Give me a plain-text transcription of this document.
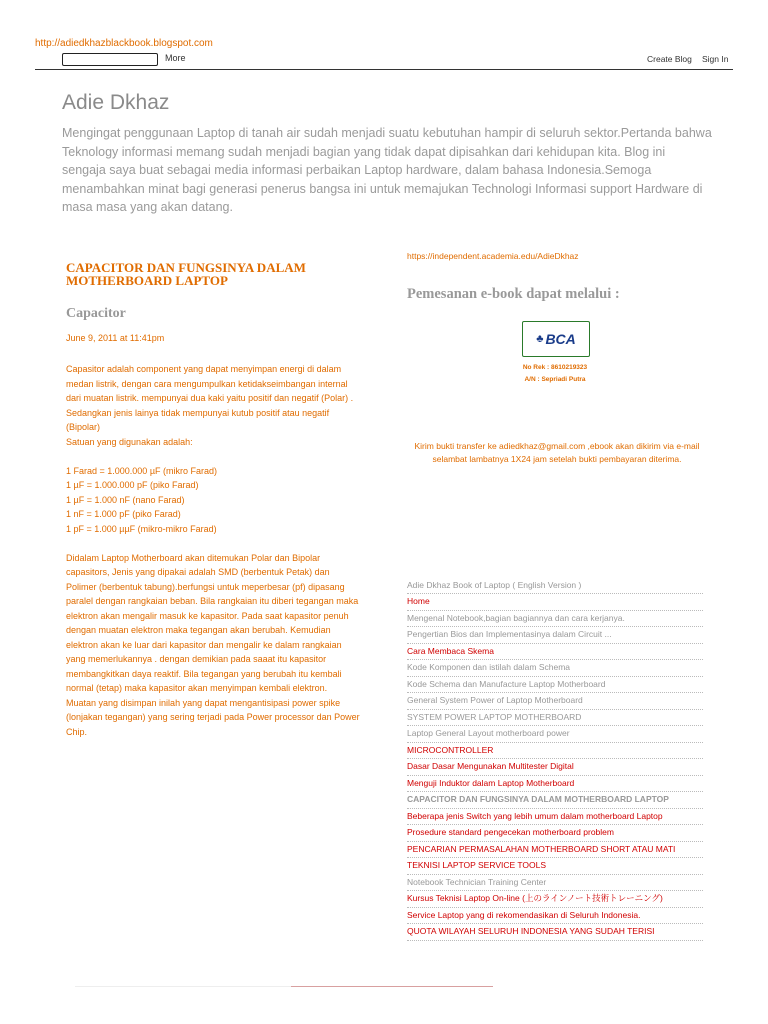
http://adiedkhazblackbook.blogspot.com
More	Create Blog Sign In
Adie Dkhaz

Mengingat penggunaan Laptop di tanah air sudah menjadi suatu kebutuhan hampir di seluruh sektor.Pertanda bahwa Teknology informasi memang sudah menjadi bagian yang tidak dapat dipisahkan dari kehidupan kita. Blog ini sengaja saya buat sebagai media informasi perbaikan Laptop hardware, dalam bahasa Indonesia.Semoga menambahkan minat bagi generasi penerus bangsa ini untuk memajukan Technologi Informasi support Hardware di masa masa yang akan datang.

CAPACITOR DAN FUNGSINYA DALAM MOTHERBOARD LAPTOP
Capacitor
June 9, 2011 at 11:41pm

Capasitor adalah component yang dapat menyimpan energi di dalam medan listrik, dengan cara mengumpulkan ketidakseimbangan internal dari muatan listrik. mempunyai dua kaki yaitu positif dan negatif (Polar) .
Sedangkan jenis lainya tidak mempunyai kutub positif atau negatif (Bipolar)
Satuan yang digunakan adalah:

1 Farad = 1.000.000 µF (mikro Farad)
1 µF = 1.000.000 pF (piko Farad)
1 µF = 1.000 nF (nano Farad)
1 nF = 1.000 pF (piko Farad)
1 pF = 1.000 µµF (mikro-mikro Farad)

Didalam Laptop Motherboard akan ditemukan Polar dan Bipolar capasitors, Jenis yang dipakai adalah SMD (berbentuk Petak) dan Polimer (berbentuk tabung).berfungsi untuk meperbesar (pf) dipasang paralel dengan rangkaian beban. Bila rangkaian itu diberi tegangan maka elektron akan mengalir masuk ke kapasitor. Pada saat kapasitor penuh dengan muatan elektron maka tegangan akan berubah. Kemudian elektron akan ke luar dari kapasitor dan mengalir ke dalam rangkaian yang memerlukannya . dengan demikian pada saaat itu kapasitor membangkitkan daya reaktif. Bila tegangan yang berubah itu kembali normal (tetap) maka kapasitor akan menyimpan kembali elektron.
Muatan yang disimpan inilah yang dapat mengantisipasi power spike (lonjakan tegangan) yang sering terjadi pada Power processor dan Power Chip.

https://independent.academia.edu/AdieDkhaz
Pemesanan e-book dapat melalui :
♣ BCA
No Rek : 8610219323
A/N : Sepriadi Putra
Kirim bukti transfer ke adiedkhaz@gmail.com ,ebook akan dikirim via e-mail selambat lambatnya 1X24 jam setelah bukti pembayaran diterima.
Adie Dkhaz Book of Laptop ( English Version )
Home
Mengenal Notebook,bagian bagiannya dan cara kerjanya.
Pengertian Bios dan Implementasinya dalam Circuit ...
Cara Membaca Skema
Kode Komponen dan istilah dalam Schema
Kode Schema dan Manufacture Laptop Motherboard
General System Power of Laptop Motherboard
SYSTEM POWER LAPTOP MOTHERBOARD
Laptop General Layout motherboard power
MICROCONTROLLER
Dasar Dasar Mengunakan Multitester Digital
Menguji Induktor dalam Laptop Motherboard
CAPACITOR DAN FUNGSINYA DALAM MOTHERBOARD LAPTOP
Beberapa jenis Switch yang lebih umum dalam motherboard Laptop
Prosedure standard pengecekan motherboard problem
PENCARIAN PERMASALAHAN MOTHERBOARD SHORT ATAU MATI
TEKNISI LAPTOP SERVICE TOOLS
Notebook Technician Training Center
Kursus Teknisi Laptop On-line (上のラインノート技術トレーニング)
Service Laptop yang di rekomendasikan di Seluruh Indonesia.
QUOTA WILAYAH SELURUH INDONESIA YANG SUDAH TERISI
